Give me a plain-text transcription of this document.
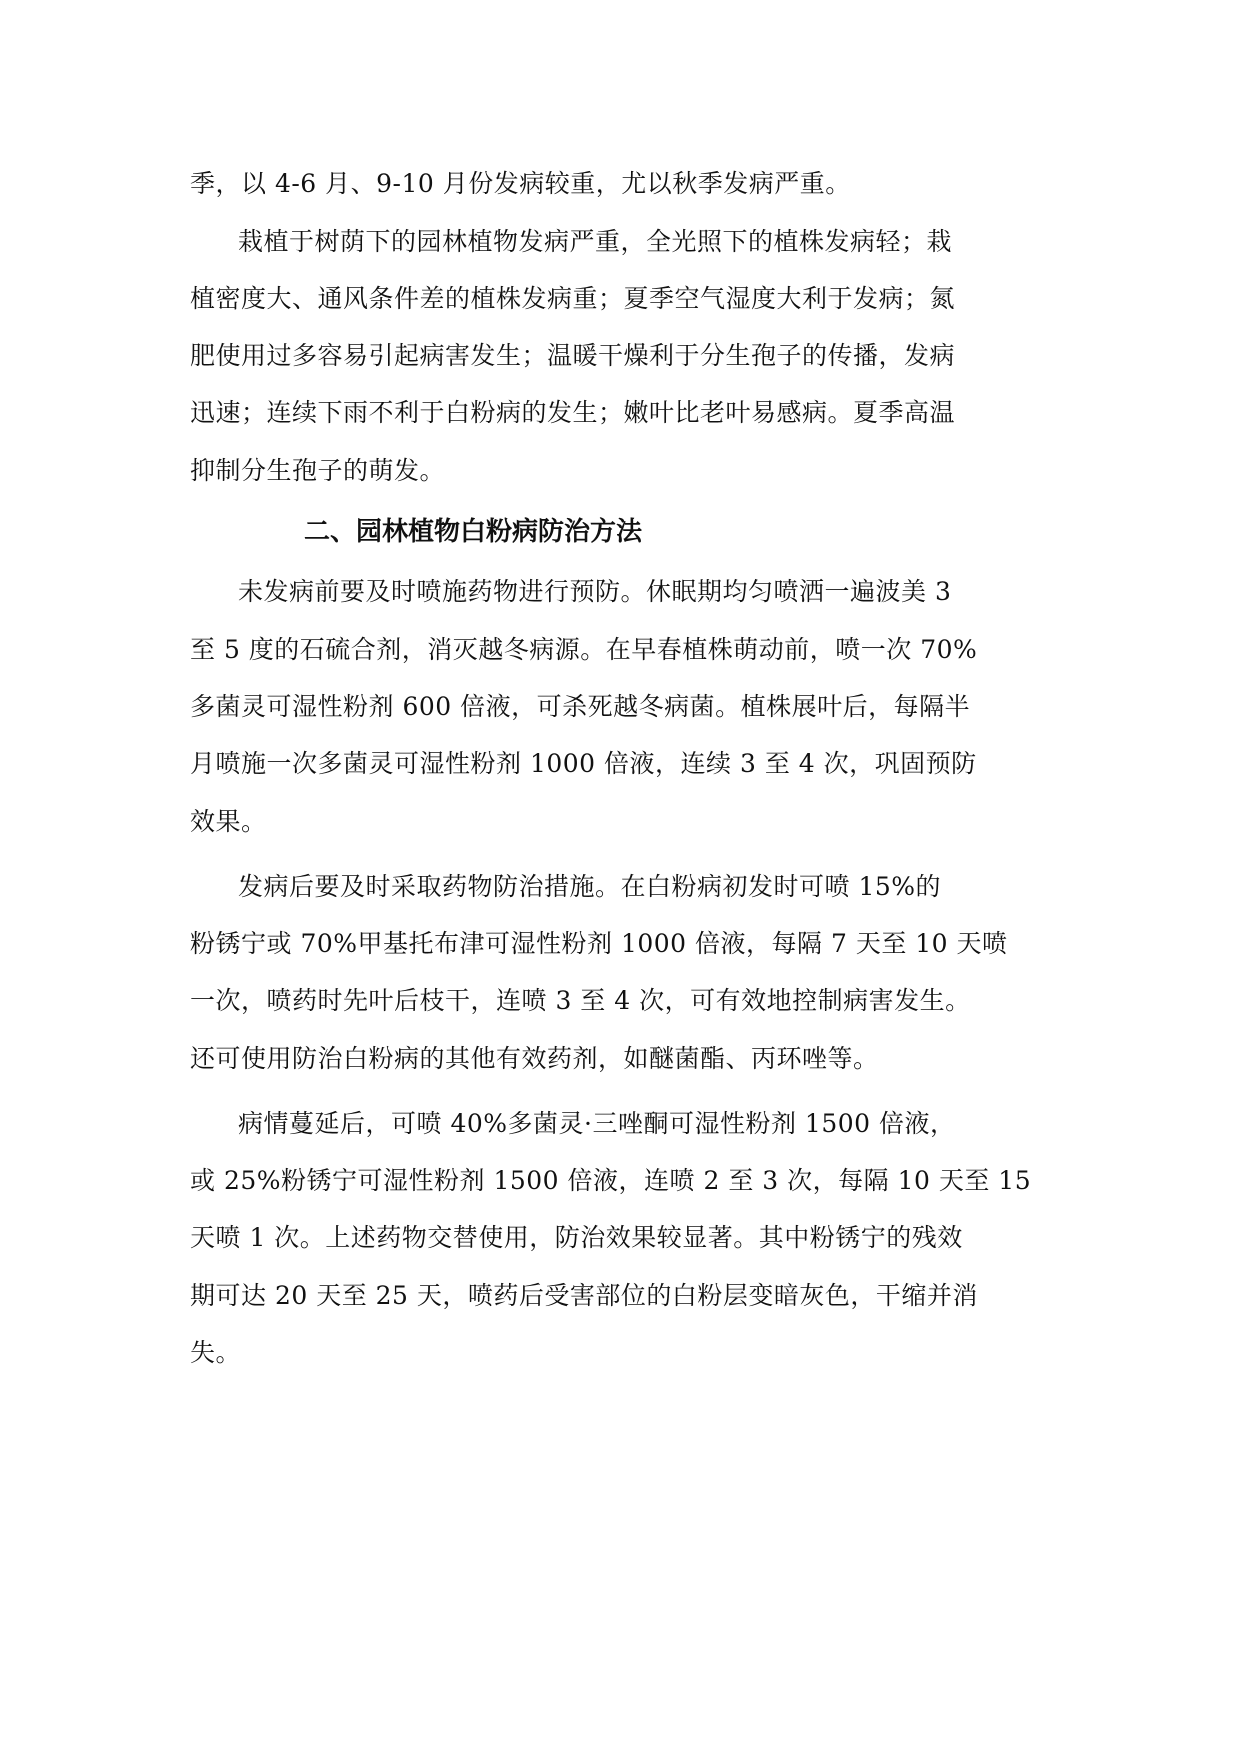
季，以 4-6 月、9-10 月份发病较重，尤以秋季发病严重。
栽植于树荫下的园林植物发病严重，全光照下的植株发病轻；栽
植密度大、通风条件差的植株发病重；夏季空气湿度大利于发病；氮
肥使用过多容易引起病害发生；温暖干燥利于分生孢子的传播，发病
迅速；连续下雨不利于白粉病的发生；嫩叶比老叶易感病。夏季高温
抑制分生孢子的萌发。
二、园林植物白粉病防治方法
未发病前要及时喷施药物进行预防。休眠期均匀喷洒一遍波美 3
至 5 度的石硫合剂，消灭越冬病源。在早春植株萌动前，喷一次 70%
多菌灵可湿性粉剂 600 倍液，可杀死越冬病菌。植株展叶后，每隔半
月喷施一次多菌灵可湿性粉剂 1000 倍液，连续 3 至 4 次，巩固预防
效果。
发病后要及时采取药物防治措施。在白粉病初发时可喷 15%的
粉锈宁或 70%甲基托布津可湿性粉剂 1000 倍液，每隔 7 天至 10 天喷
一次，喷药时先叶后枝干，连喷 3 至 4 次，可有效地控制病害发生。
还可使用防治白粉病的其他有效药剂，如醚菌酯、丙环唑等。
病情蔓延后，可喷 40%多菌灵·三唑酮可湿性粉剂 1500 倍液，
或 25%粉锈宁可湿性粉剂 1500 倍液，连喷 2 至 3 次，每隔 10 天至 15
天喷 1 次。上述药物交替使用，防治效果较显著。其中粉锈宁的残效
期可达 20 天至 25 天，喷药后受害部位的白粉层变暗灰色，干缩并消
失。
